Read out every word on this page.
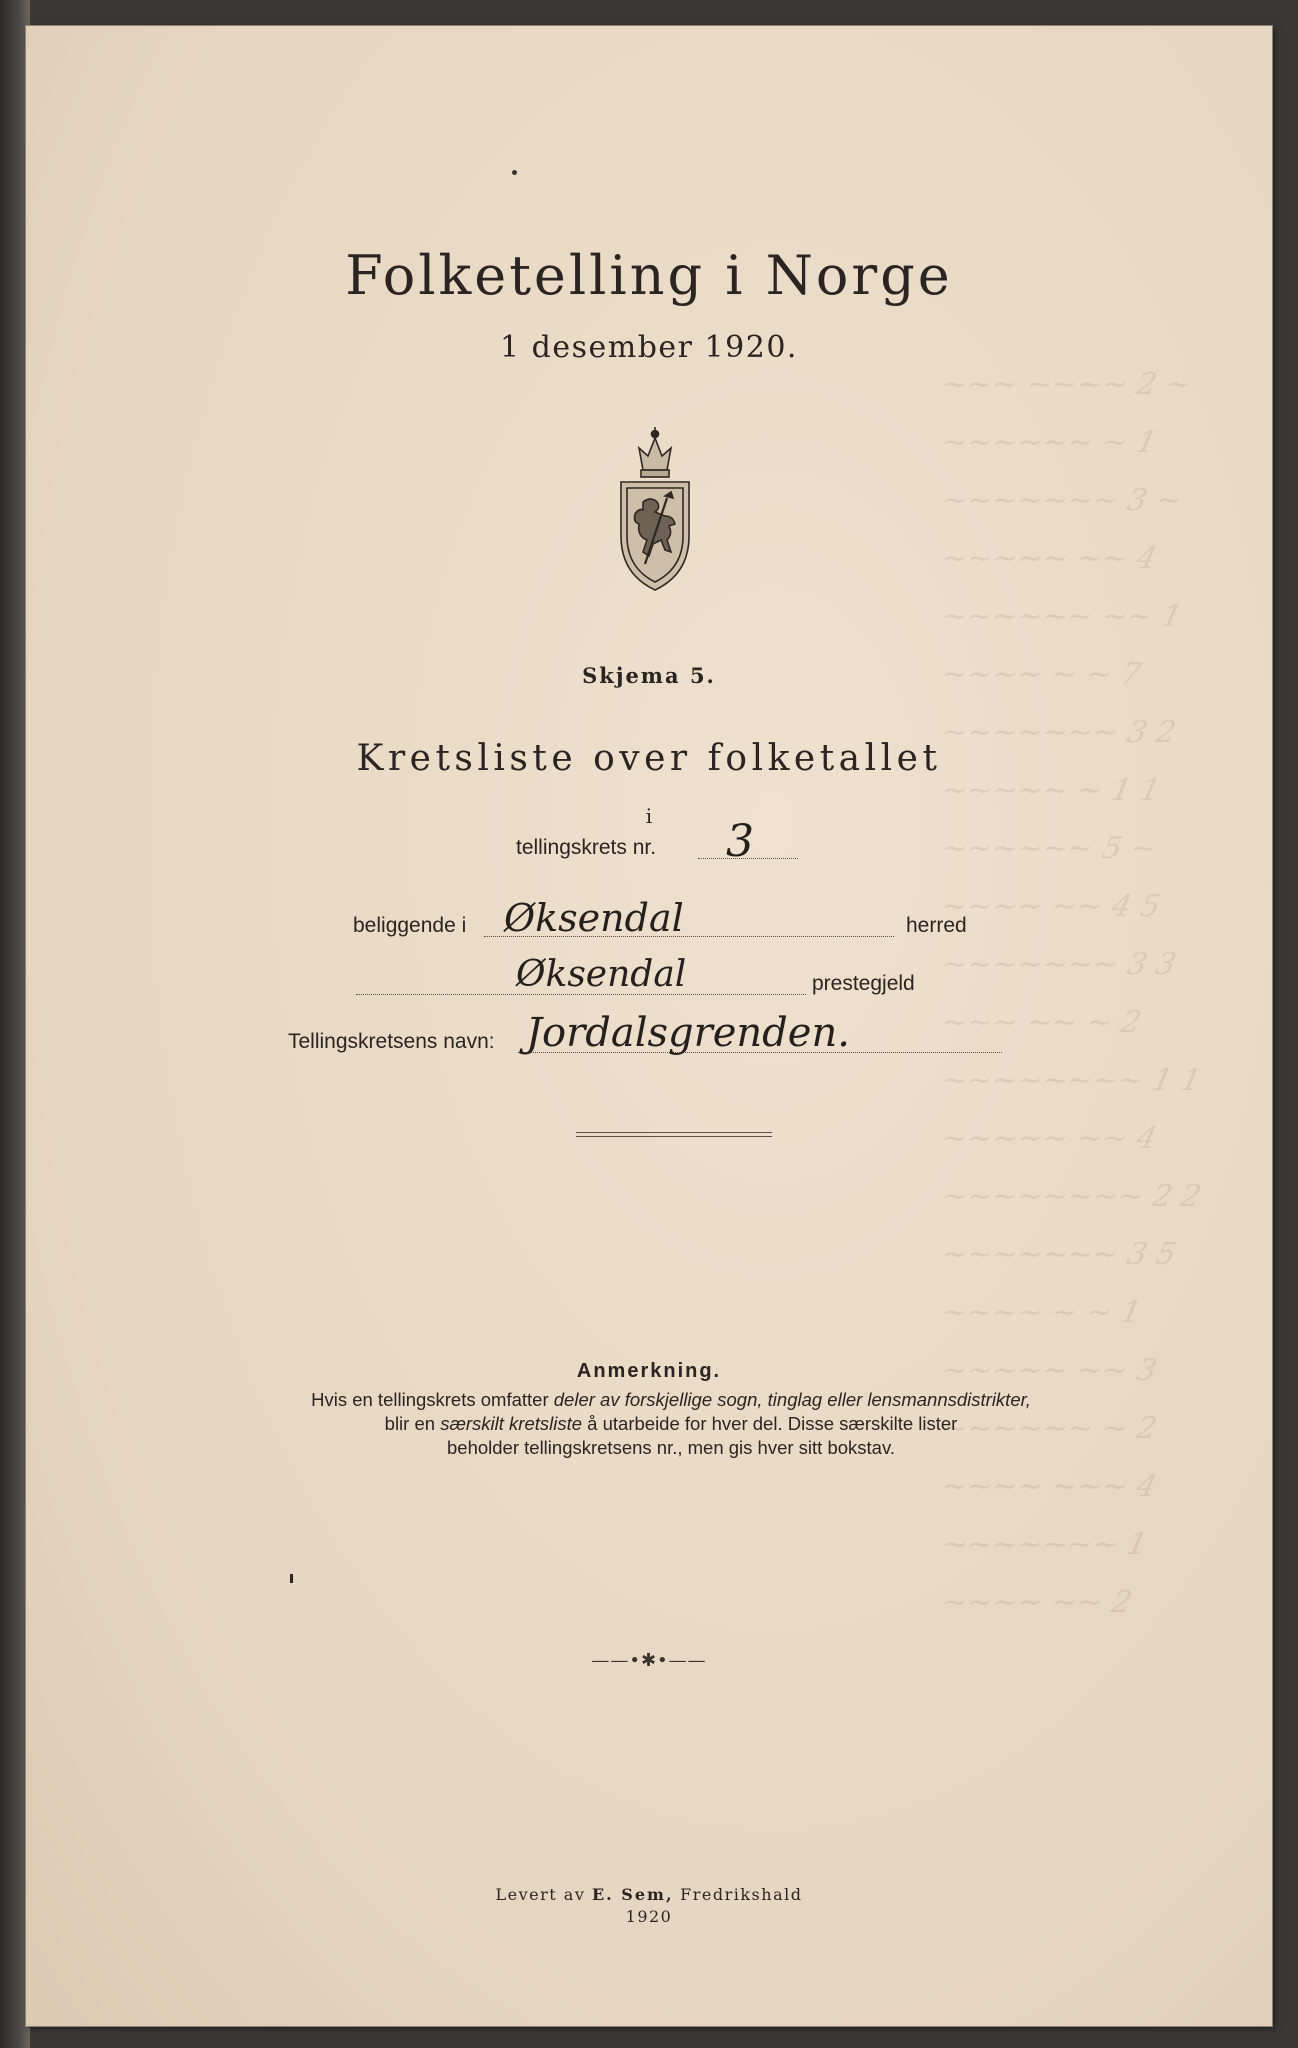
~~~ ~~~~ 2 ~
~~~~~~ ~ 1
~~~~~~~ 3 ~
~~~~~ ~~ 4
~~~~~~ ~~ 1
~~~~ ~ ~ 7
~~~~~~~ 3 2
~~~~~ ~ 1 1
~~~~~~ 5 ~
~~~~ ~~ 4 5
~~~~~~~ 3 3
~~~ ~~ ~ 2
~~~~~~~~ 1 1
~~~~~ ~~ 4
~~~~~~~~ 2 2
~~~~~~~ 3 5
~~~~ ~ ~ 1
~~~~~ ~~ 3
~~~~~~ ~ 2
~~~~ ~~~ 4
~~~~~~~ 1
~~~~ ~~ 2
Folketelling i Norge
1 desember 1920.
Skjema 5.
Kretsliste over folketallet
i
tellingskrets nr. 3
beliggende i Øksendal	herred
Øksendal	prestegjeld
Tellingskretsens navn: Jordalsgrenden.
Anmerkning.
Hvis en tellingskrets omfatter deler av forskjellige sogn, tinglag eller lensmannsdistrikter,
blir en særskilt kretsliste å utarbeide for hver del. Disse særskilte lister
beholder tellingskretsens nr., men gis hver sitt bokstav.
——•✱•——
Levert av E. Sem, Fredrikshald
1920
